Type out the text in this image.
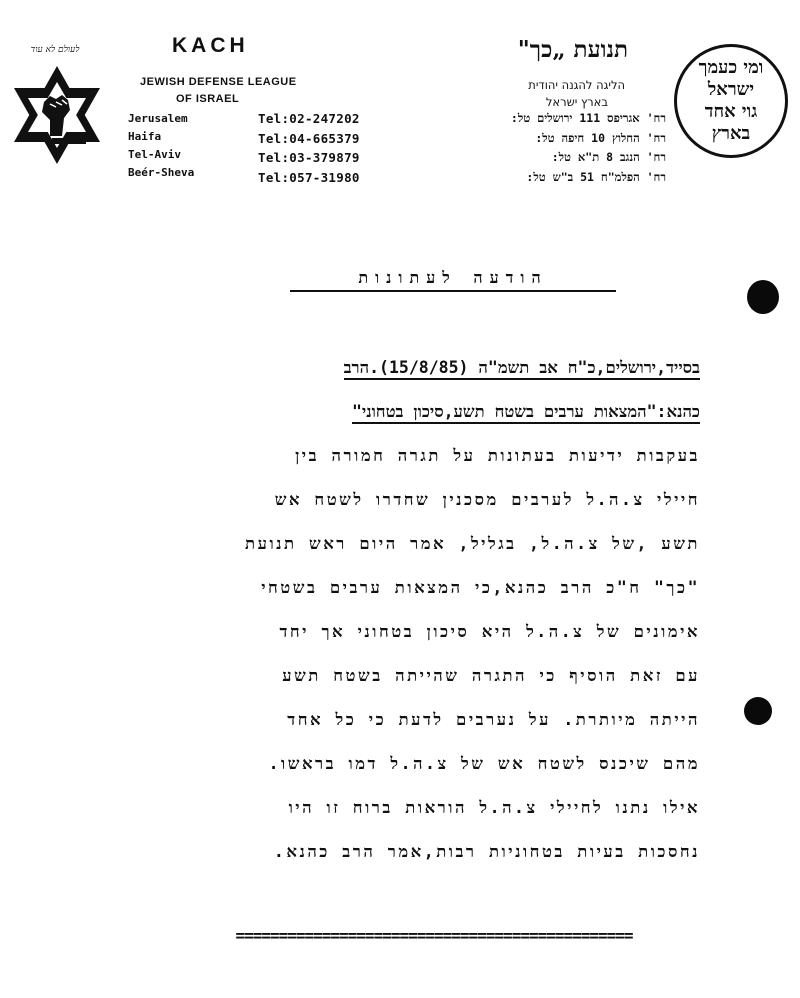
לעולם לא עוד	KACH
JEWISH DEFENSE LEAGUE
OF ISRAEL
Jerusalem
Haifa
Tel-Aviv
Beér-Sheva
Tel:02-247202
Tel:04-665379
Tel:03-379879
Tel:057-31980
תנועת „כך"
הליגה להגנה יהודית
בארץ ישראל
רח' אגריפס 111 ירושלים טל:
רח' החלוץ 10 חיפה טל:
רח' הנגב 8 ת"א טל:
רח' הפלמ"ח 51 ב"ש טל:
ומי כעמך
ישראל
גוי אחד
בארץ
הודעה לעתונות
בסייד,ירושלים,כ"ח אב תשמ"ה (15/8/85).הרב
כהנא:"המצאות ערבים בשטח תשע,סיכון בטחוני"
בעקבות ידיעות בעתונות על תגרה חמורה בין
חיילי צ.ה.ל לערבים מסכנין שחדרו לשטח אש
תשע ,של צ.ה.ל, בגליל, אמר היום ראש תנועת
"כך" ח"כ הרב כהנא,כי המצאות ערבים בשטחי
אימונים של צ.ה.ל היא סיכון בטחוני אך יחד
עם זאת הוסיף כי התגרה שהייתה בשטח תשע
הייתה מיותרת. על נערבים לדעת כי כל אחד
מהם שיכנס לשטח אש של צ.ה.ל דמו בראשו.
אילו נתנו לחיילי צ.ה.ל הוראות ברוח זו היו
נחסכות בעיות בטחוניות רבות,אמר הרב כהנא.
==============================================
